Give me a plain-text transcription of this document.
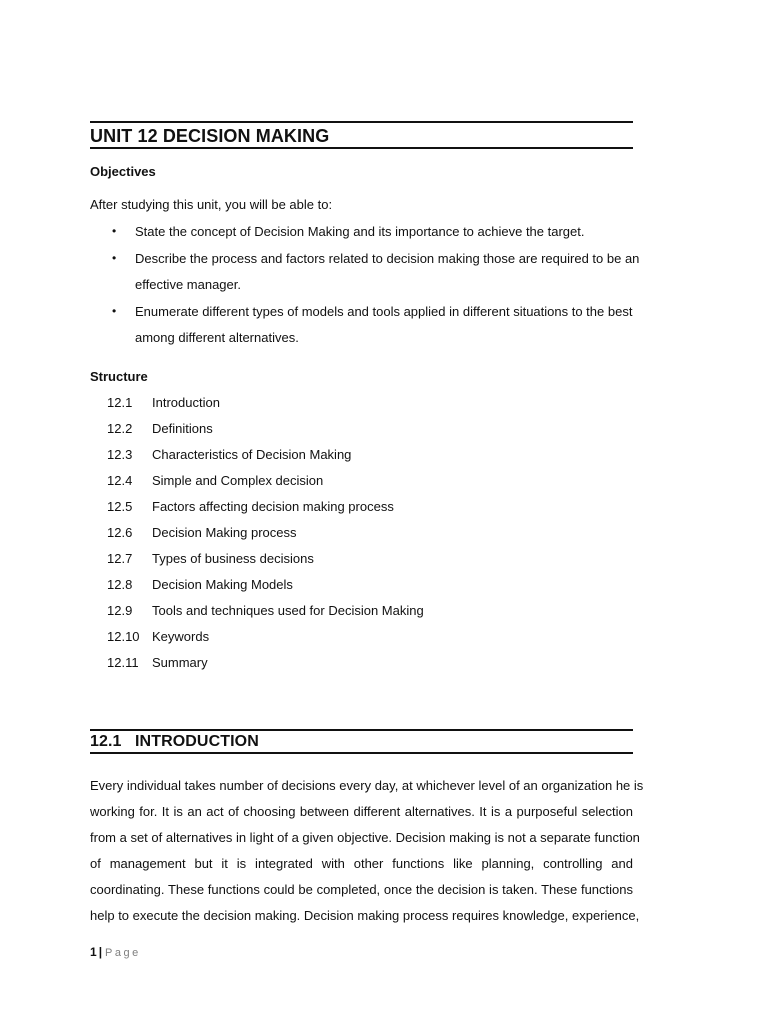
UNIT 12 DECISION MAKING
Objectives
After studying this unit, you will be able to:
• State the concept of Decision Making and its importance to achieve the target.
• Describe the process and factors related to decision making those are required to be an
effective manager.
• Enumerate different types of models and tools applied in different situations to the best
among different alternatives.
Structure
12.1 Introduction
12.2 Definitions
12.3 Characteristics of Decision Making
12.4 Simple and Complex decision
12.5 Factors affecting decision making process
12.6 Decision Making process
12.7 Types of business decisions
12.8 Decision Making Models
12.9 Tools and techniques used for Decision Making
12.10 Keywords
12.11 Summary
12.1 INTRODUCTION
Every individual takes number of decisions every day, at whichever level of an organization he is
working for. It is an act of choosing between different alternatives. It is a purposeful selection
from a set of alternatives in light of a given objective. Decision making is not a separate function
of management but it is integrated with other functions like planning, controlling and
coordinating. These functions could be completed, once the decision is taken. These functions
help to execute the decision making. Decision making process requires knowledge, experience,
1 | Page
